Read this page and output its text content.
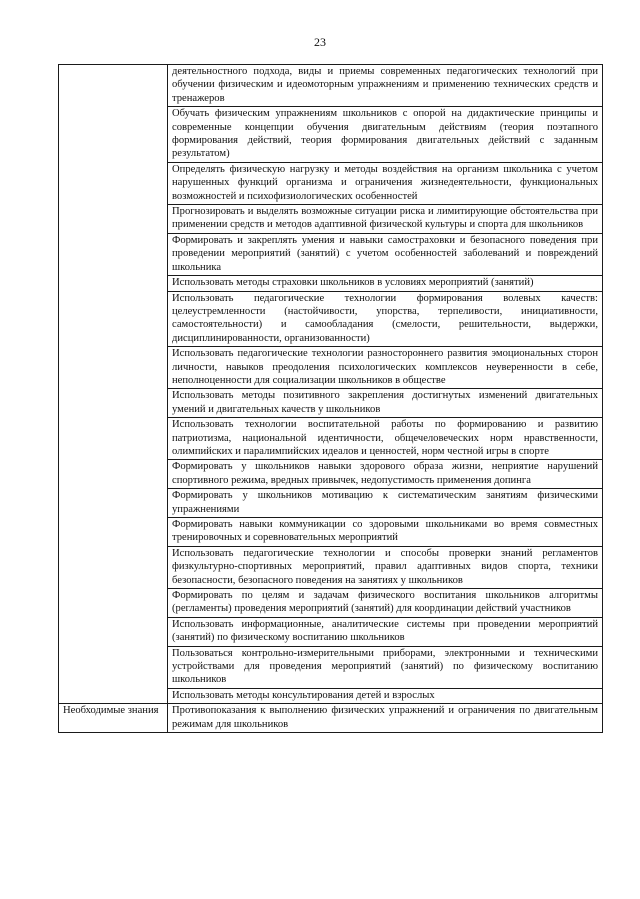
23
	деятельностного подхода, виды и приемы современных педагогических технологий при обучении физическим и идеомоторным упражнениям и применению технических средств и тренажеров
	Обучать физическим упражнениям школьников с опорой на дидактические принципы и современные концепции обучения двигательным действиям (теория поэтапного формирования действий, теория формирования двигательных действий с заданным результатом)
	Определять физическую нагрузку и методы воздействия на организм школьника с учетом нарушенных функций организма и ограничения жизнедеятельности, функциональных возможностей и психофизиологических особенностей
	Прогнозировать и выделять возможные ситуации риска и лимитирующие обстоятельства при применении средств и методов адаптивной физической культуры и спорта для школьников
	Формировать и закреплять умения и навыки самостраховки и безопасного поведения при проведении мероприятий (занятий) с учетом особенностей заболеваний и повреждений школьника
	Использовать методы страховки школьников в условиях мероприятий (занятий)
	Использовать педагогические технологии формирования волевых качеств: целеустремленности (настойчивости, упорства, терпеливости, инициативности, самостоятельности) и самообладания (смелости, решительности, выдержки, дисциплинированности, организованности)
	Использовать педагогические технологии разностороннего развития эмоциональных сторон личности, навыков преодоления психологических комплексов неуверенности в себе, неполноценности для социализации школьников в обществе
	Использовать методы позитивного закрепления достигнутых изменений двигательных умений и двигательных качеств у школьников
	Использовать технологии воспитательной работы по формированию и развитию патриотизма, национальной идентичности, общечеловеческих норм нравственности, олимпийских и паралимпийских идеалов и ценностей, норм честной игры в спорте
	Формировать у школьников навыки здорового образа жизни, неприятие нарушений спортивного режима, вредных привычек, недопустимость применения допинга
	Формировать у школьников мотивацию к систематическим занятиям физическими упражнениями
	Формировать навыки коммуникации со здоровыми школьниками во время совместных тренировочных и соревновательных мероприятий
	Использовать педагогические технологии и способы проверки знаний регламентов физкультурно-спортивных мероприятий, правил адаптивных видов спорта, техники безопасности, безопасного поведения на занятиях у школьников
	Формировать по целям и задачам физического воспитания школьников алгоритмы (регламенты) проведения мероприятий (занятий) для координации действий участников
	Использовать информационные, аналитические системы при проведении мероприятий (занятий) по физическому воспитанию школьников
	Пользоваться контрольно-измерительными приборами, электронными и техническими устройствами для проведения мероприятий (занятий) по физическому воспитанию школьников
	Использовать методы консультирования детей и взрослых
Необходимые знания	Противопоказания к выполнению физических упражнений и ограничения по двигательным режимам для школьников
